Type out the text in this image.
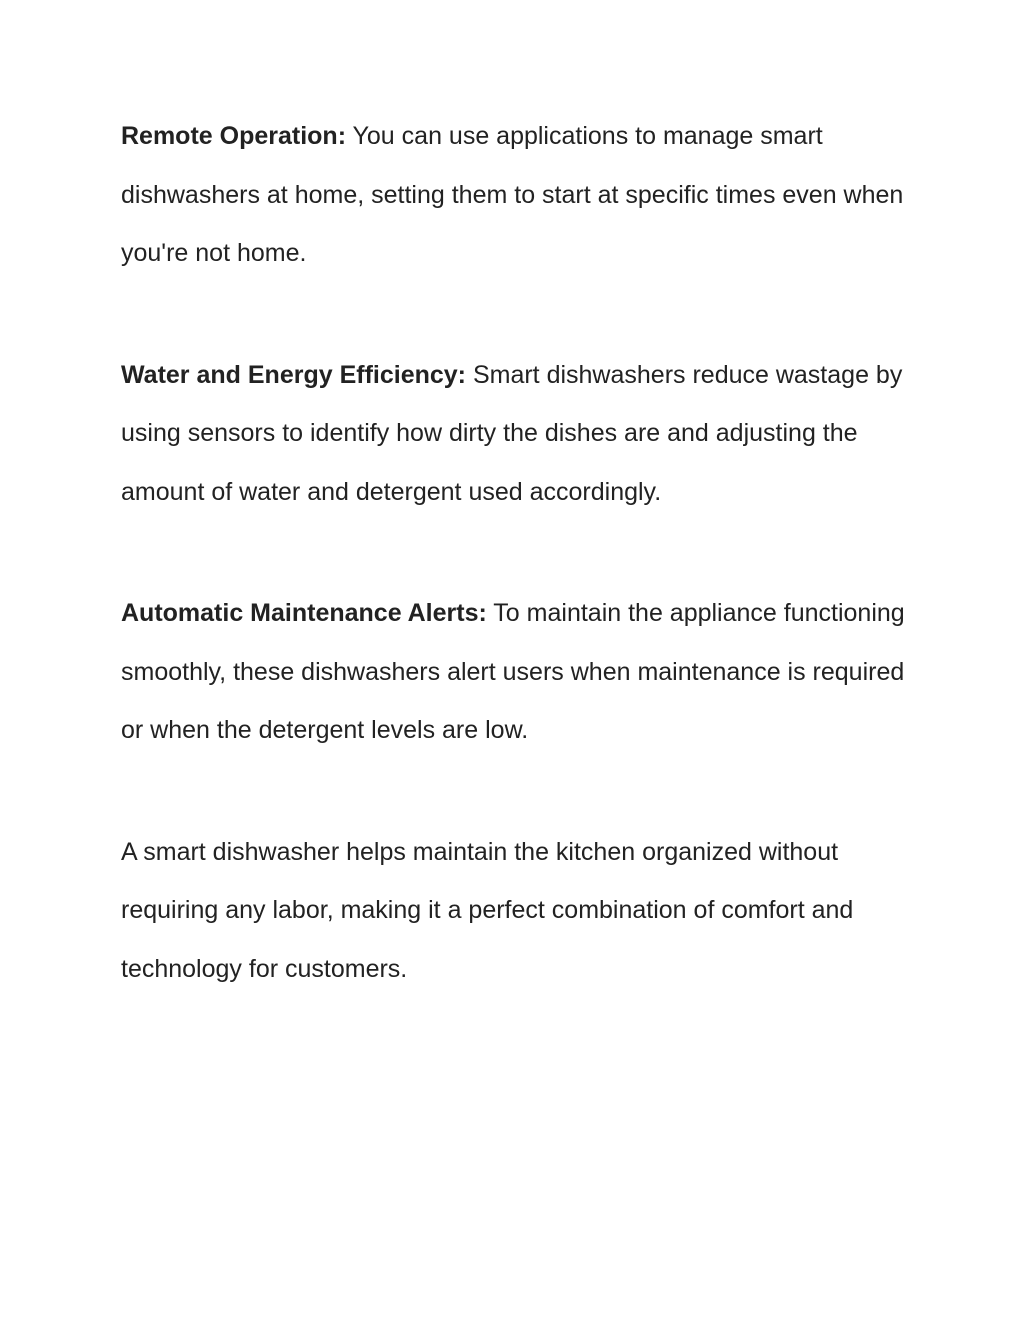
Remote Operation: You can use applications to manage smart dishwashers at home, setting them to start at specific times even when you're not home.

Water and Energy Efficiency: Smart dishwashers reduce wastage by using sensors to identify how dirty the dishes are and adjusting the amount of water and detergent used accordingly.

Automatic Maintenance Alerts: To maintain the appliance functioning smoothly, these dishwashers alert users when maintenance is required or when the detergent levels are low.

A smart dishwasher helps maintain the kitchen organized without requiring any labor, making it a perfect combination of comfort and technology for customers.
